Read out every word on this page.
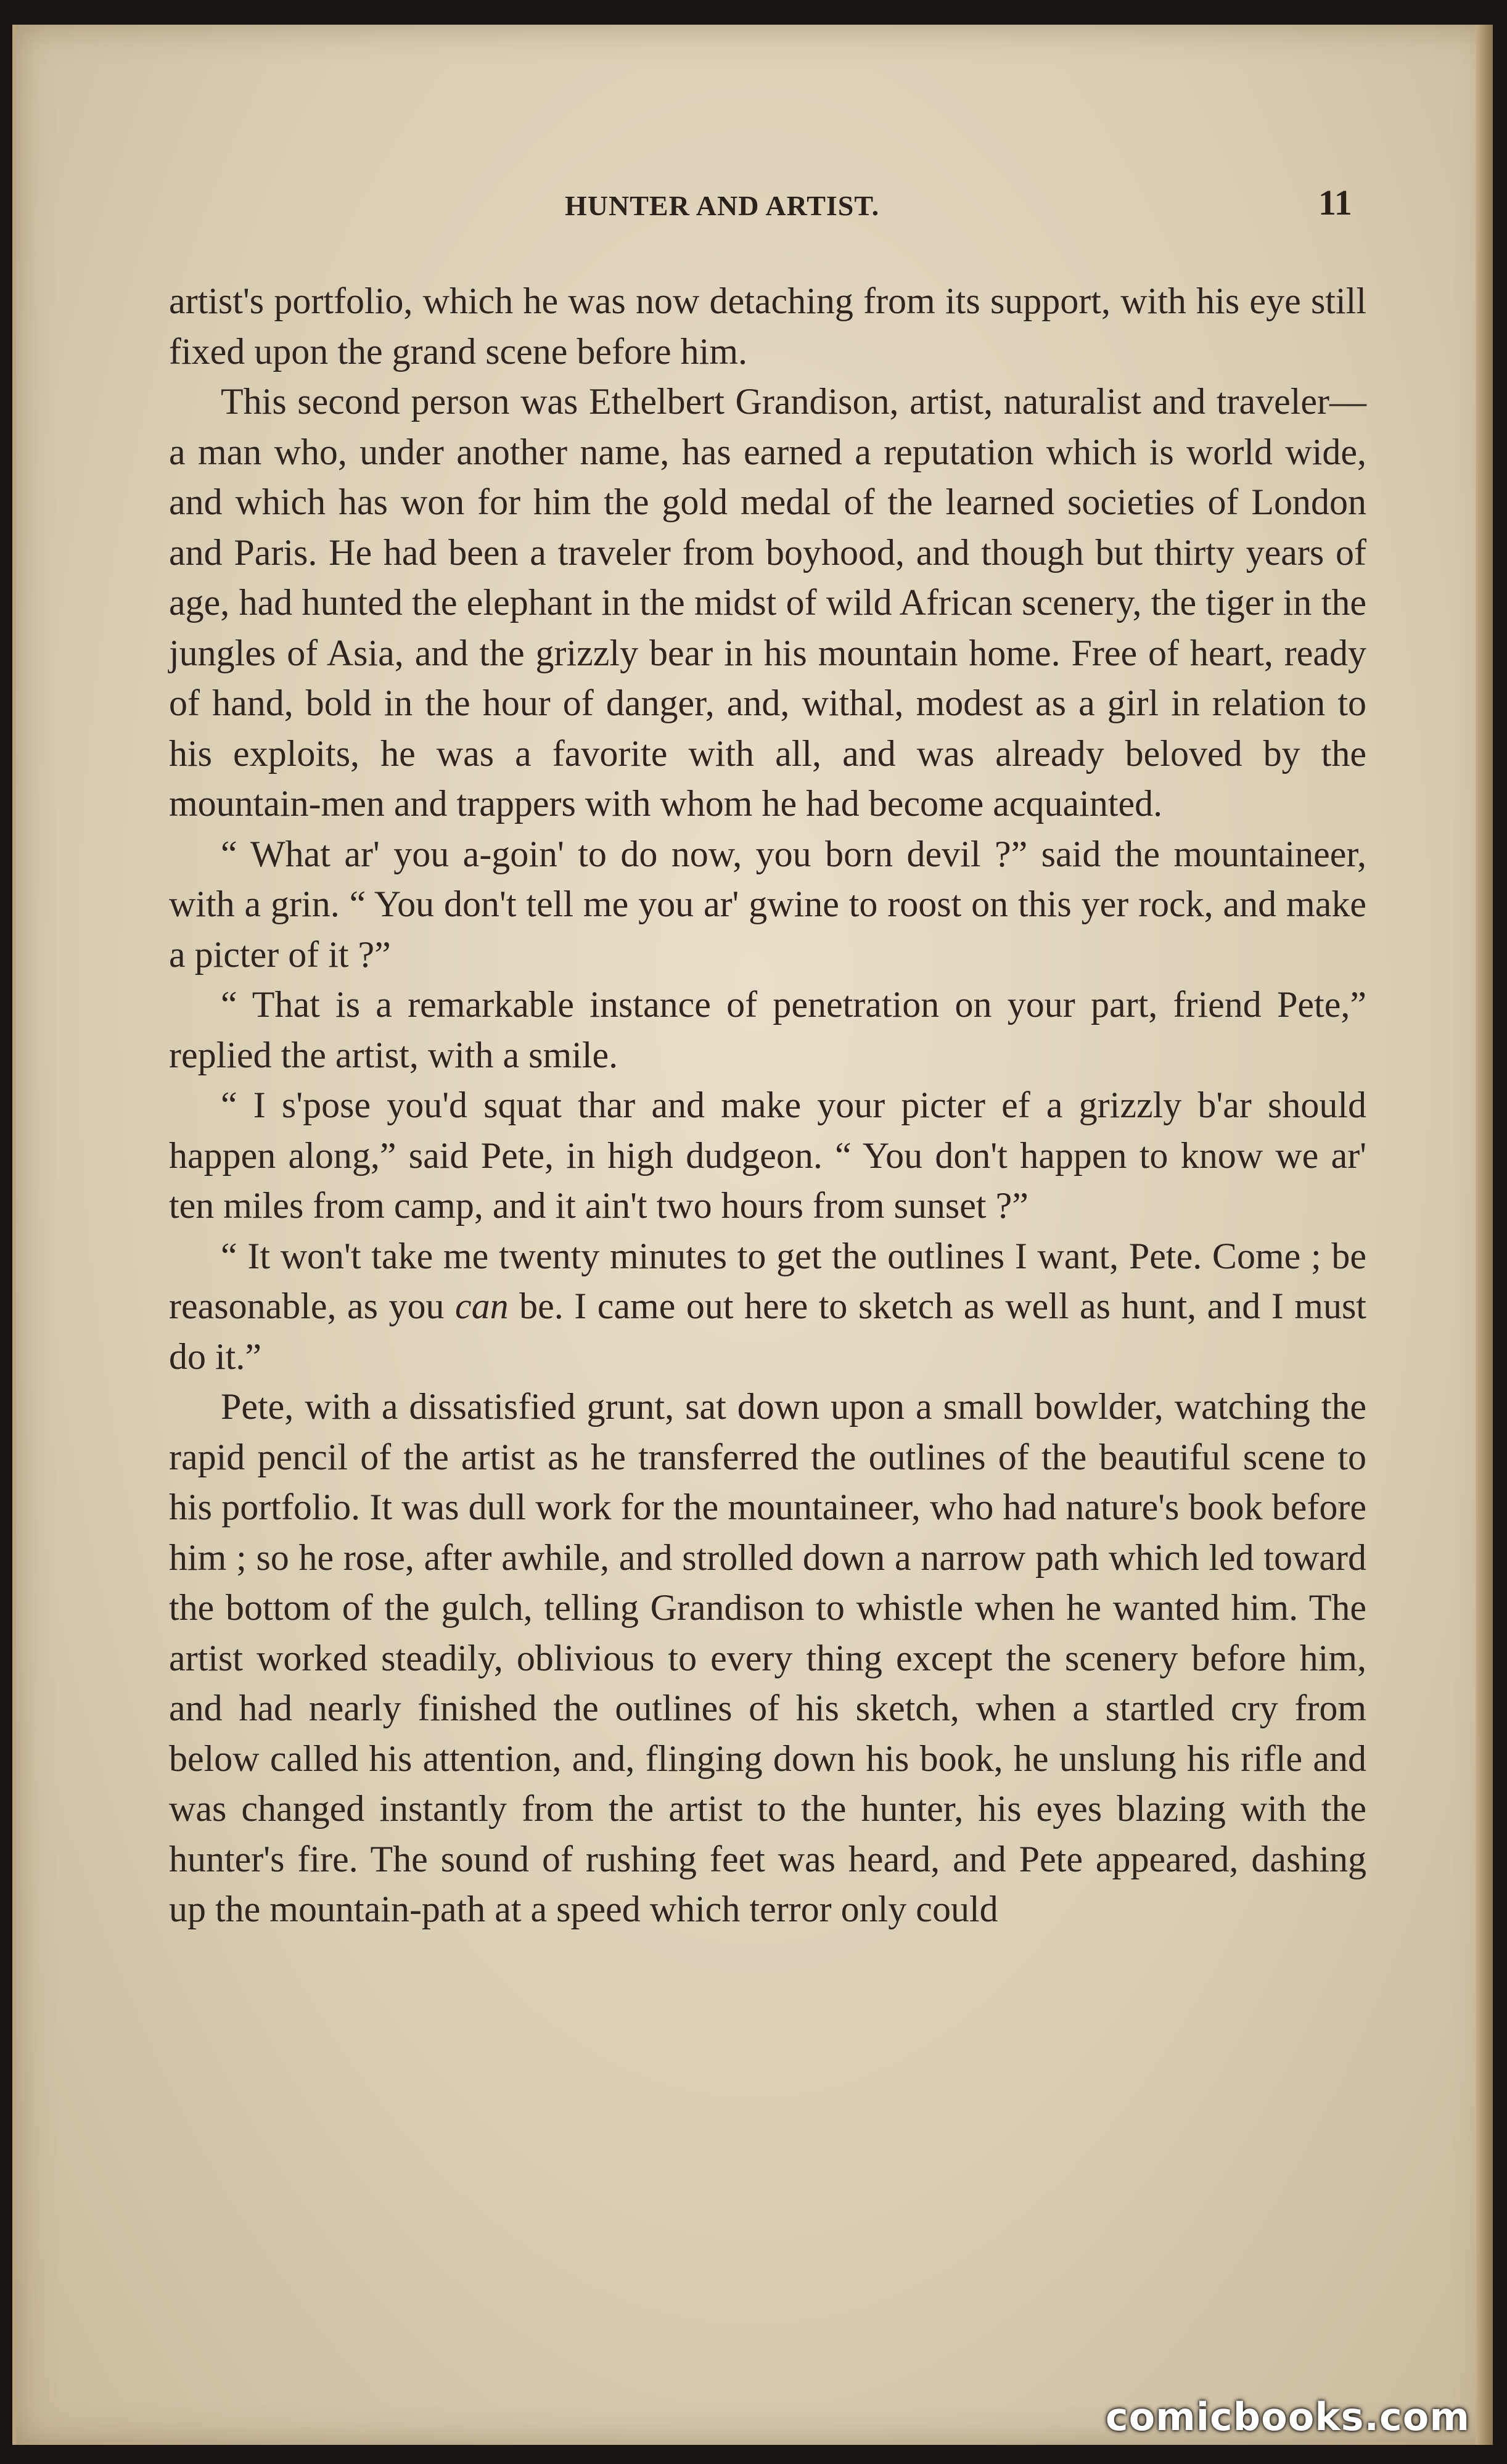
HUNTER AND ARTIST.	11

artist's portfolio, which he was now detaching from its support, with his eye still fixed upon the grand scene before him.

This second person was Ethelbert Grandison, artist, naturalist and traveler—a man who, under another name, has earned a reputation which is world wide, and which has won for him the gold medal of the learned societies of London and Paris. He had been a traveler from boyhood, and though but thirty years of age, had hunted the elephant in the midst of wild African scenery, the tiger in the jungles of Asia, and the grizzly bear in his mountain home. Free of heart, ready of hand, bold in the hour of danger, and, withal, modest as a girl in relation to his exploits, he was a favorite with all, and was already beloved by the mountain-men and trappers with whom he had become acquainted.

“ What ar' you a-goin' to do now, you born devil ?” said the mountaineer, with a grin. “ You don't tell me you ar' gwine to roost on this yer rock, and make a picter of it ?”

“ That is a remarkable instance of penetration on your part, friend Pete,” replied the artist, with a smile.

“ I s'pose you'd squat thar and make your picter ef a grizzly b'ar should happen along,” said Pete, in high dudgeon. “ You don't happen to know we ar' ten miles from camp, and it ain't two hours from sunset ?”

“ It won't take me twenty minutes to get the outlines I want, Pete. Come ; be reasonable, as you can be. I came out here to sketch as well as hunt, and I must do it.”

Pete, with a dissatisfied grunt, sat down upon a small bowlder, watching the rapid pencil of the artist as he transferred the outlines of the beautiful scene to his portfolio. It was dull work for the mountaineer, who had nature's book before him ; so he rose, after awhile, and strolled down a narrow path which led toward the bottom of the gulch, telling Grandison to whistle when he wanted him. The artist worked steadily, oblivious to every thing except the scenery before him, and had nearly finished the outlines of his sketch, when a startled cry from below called his attention, and, flinging down his book, he unslung his rifle and was changed instantly from the artist to the hunter, his eyes blazing with the hunter's fire. The sound of rushing feet was heard, and Pete appeared, dashing up the mountain-path at a speed which terror only could

comicbooks.com
